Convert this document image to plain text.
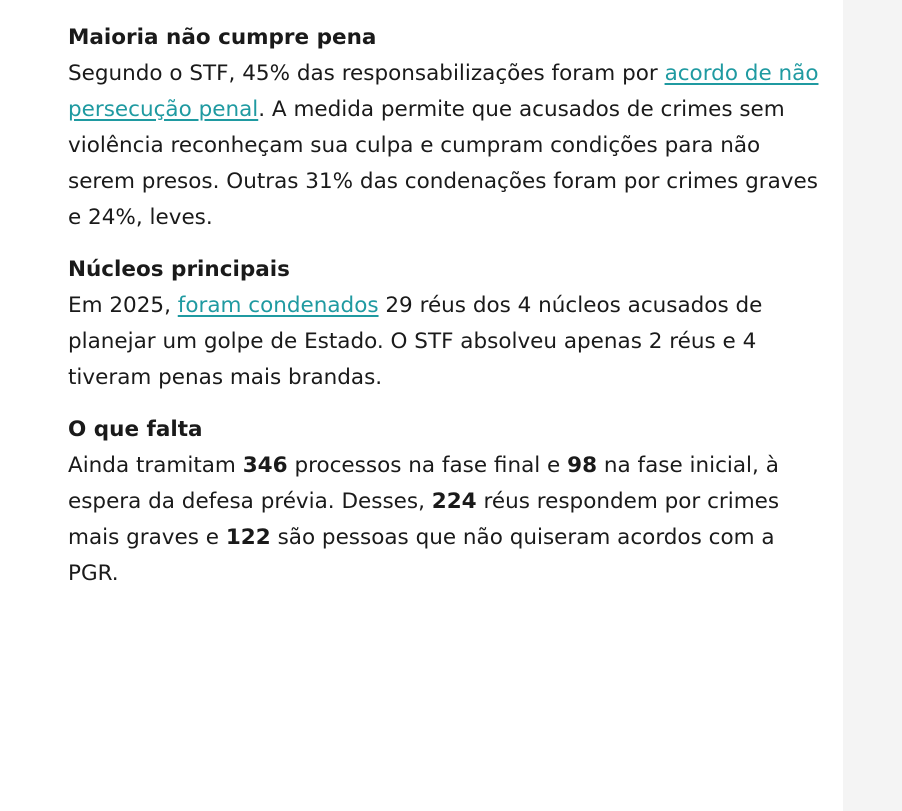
Maioria não cumpre pena

Segundo o STF, 45% das responsabilizações foram por acordo de não persecução penal. A medida permite que acusados de crimes sem violência reconheçam sua culpa e cumpram condições para não serem presos. Outras 31% das condenações foram por crimes graves e 24%, leves.

Núcleos principais

Em 2025, foram condenados 29 réus dos 4 núcleos acusados de planejar um golpe de Estado. O STF absolveu apenas 2 réus e 4 tiveram penas mais brandas.

O que falta

Ainda tramitam 346 processos na fase final e 98 na fase inicial, à espera da defesa prévia. Desses, 224 réus respondem por crimes mais graves e 122 são pessoas que não quiseram acordos com a PGR.
